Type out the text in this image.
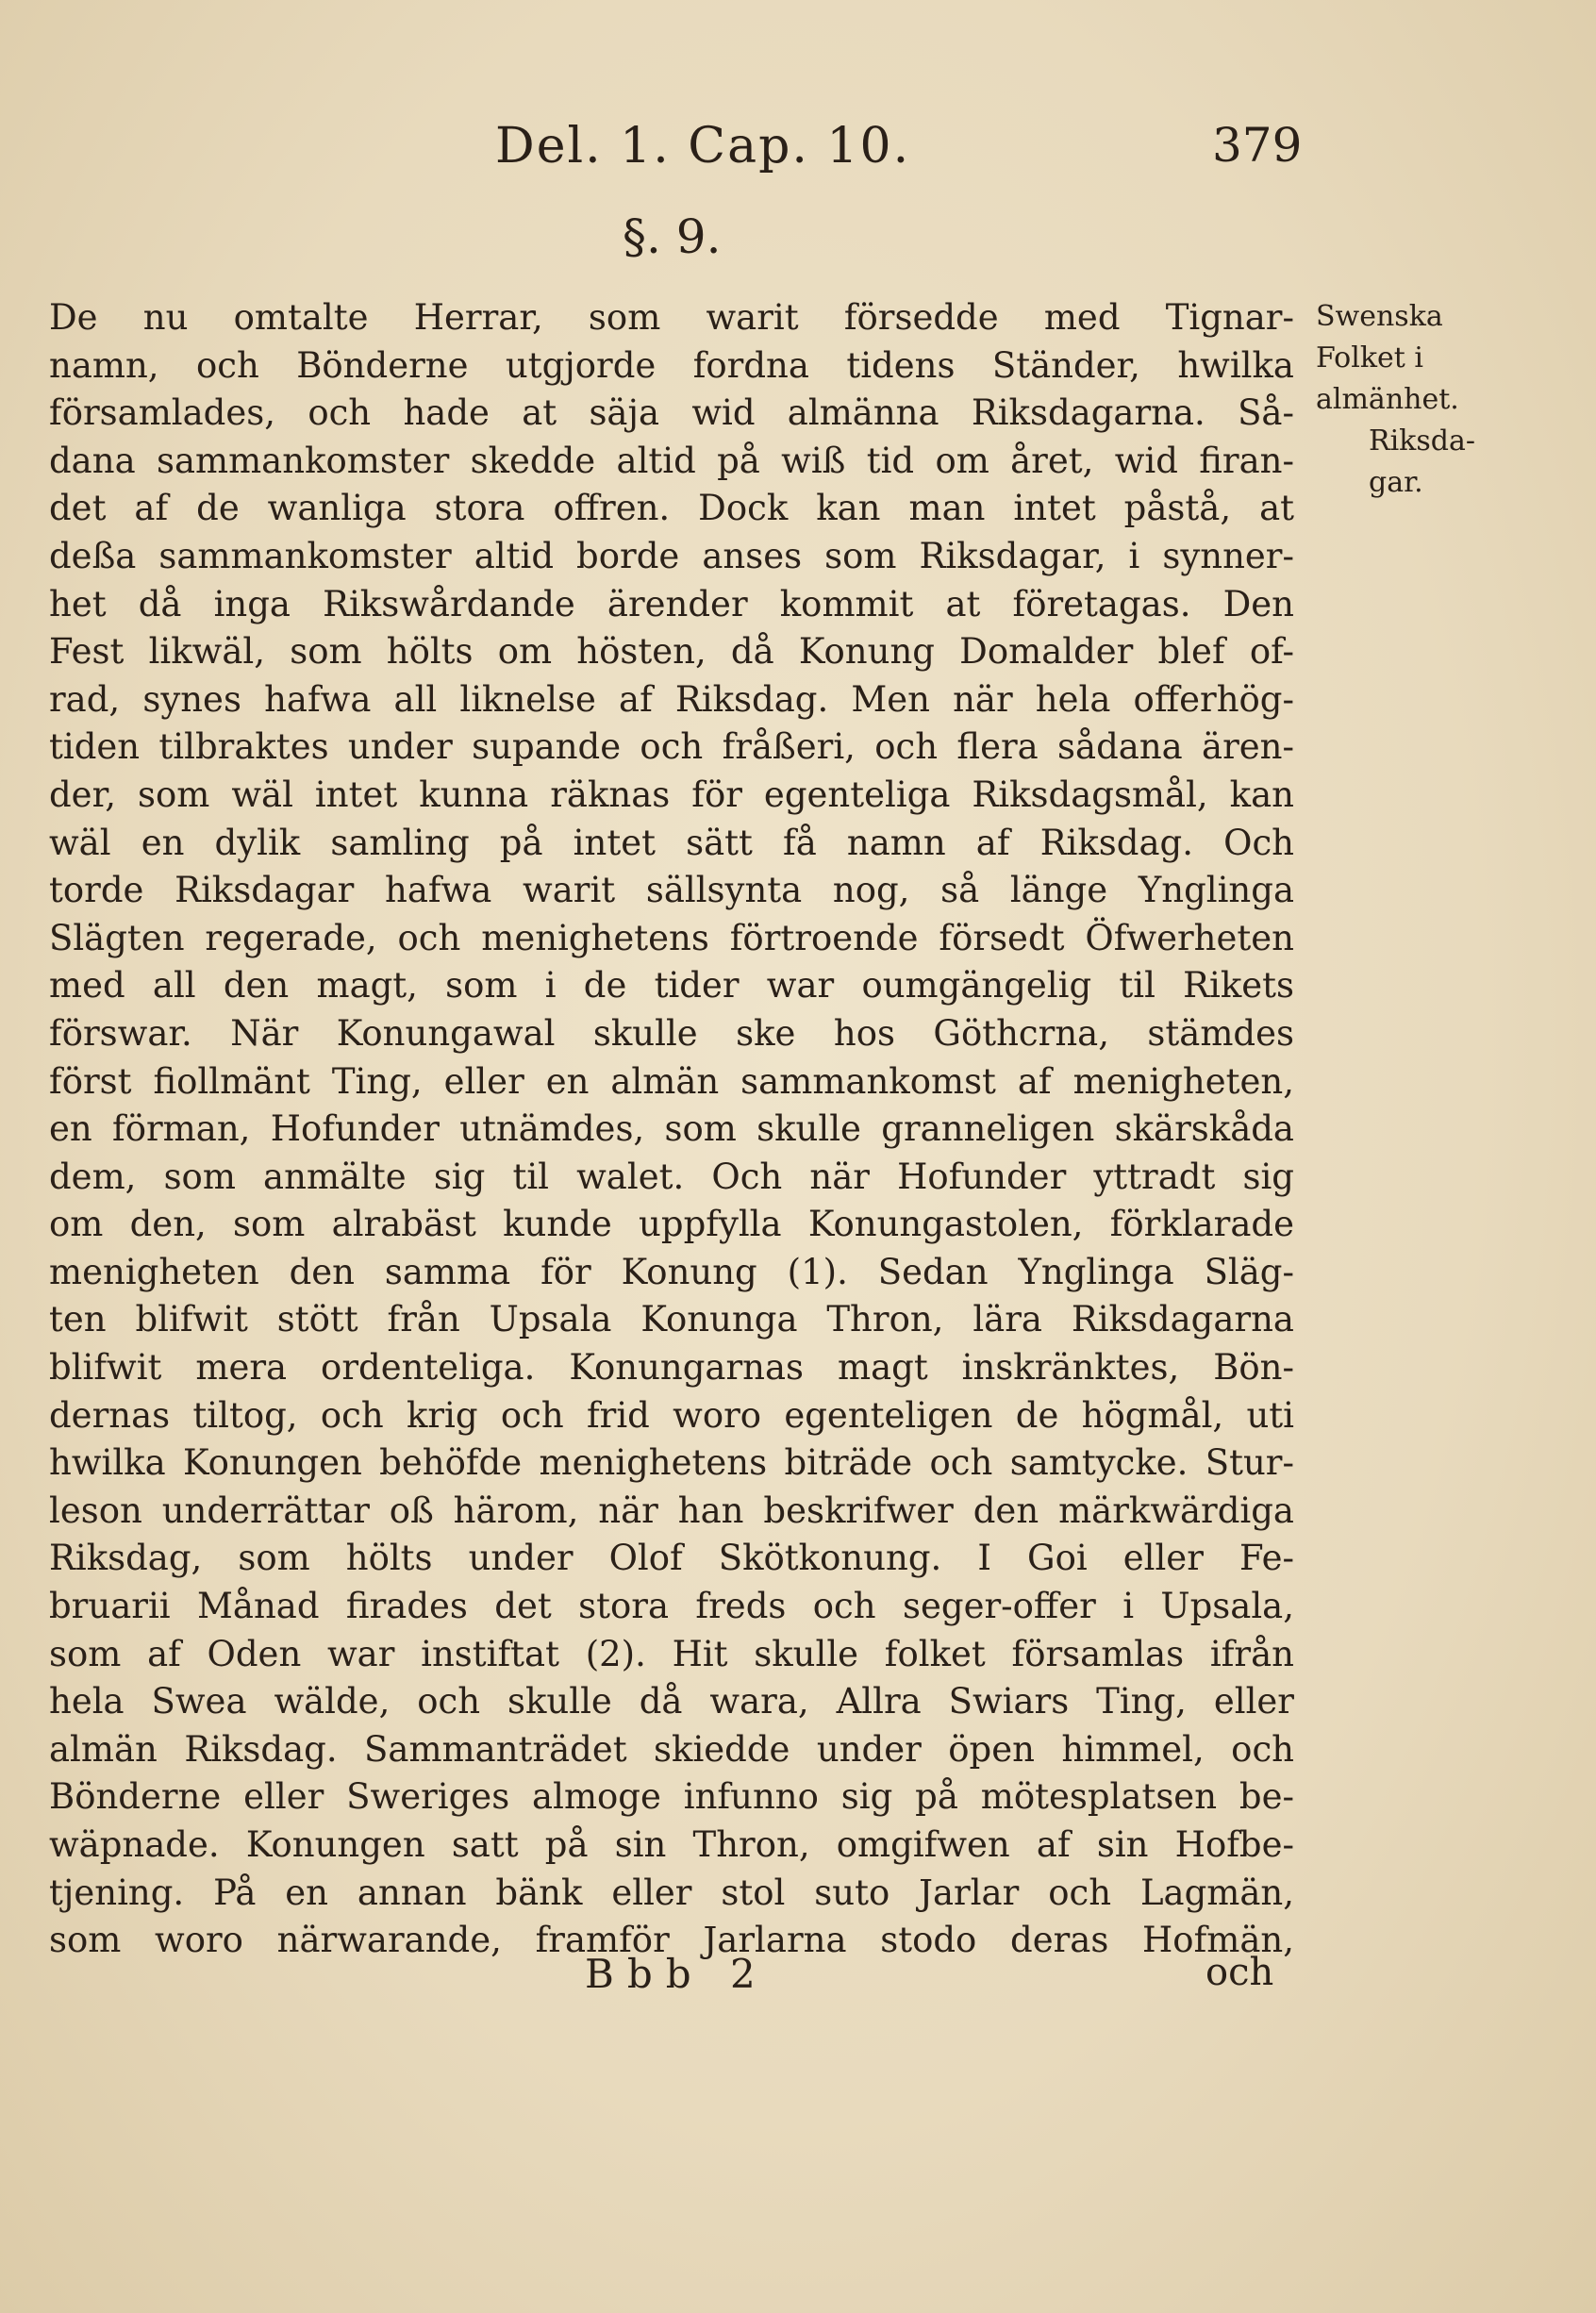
Del. 1. Cap. 10.	379
§. 9.
Swenska
Folket i
almänhet.
Riksda-
gar.
De nu omtalte Herrar, som warit försedde med Tignar-
namn, och Bönderne utgjorde fordna tidens Ständer, hwilka
församlades, och hade at säja wid almänna Riksdagarna. Så-
dana sammankomster skedde altid på wiß tid om året, wid firan-
det af de wanliga stora offren. Dock kan man intet påstå, at
deßa sammankomster altid borde anses som Riksdagar, i synner-
het då inga Rikswårdande ärender kommit at företagas. Den
Fest likwäl, som hölts om hösten, då Konung Domalder blef of-
rad, synes hafwa all liknelse af Riksdag. Men när hela offerhög-
tiden tilbraktes under supande och fråßeri, och flera sådana ären-
der, som wäl intet kunna räknas för egenteliga Riksdagsmål, kan
wäl en dylik samling på intet sätt få namn af Riksdag. Och
torde Riksdagar hafwa warit sällsynta nog, så länge Ynglinga
Slägten regerade, och menighetens förtroende försedt Öfwerheten
med all den magt, som i de tider war oumgängelig til Rikets
förswar. När Konungawal skulle ske hos Göthcrna, stämdes
först fiollmänt Ting, eller en almän sammankomst af menigheten,
en förman, Hofunder utnämdes, som skulle granneligen skärskåda
dem, som anmälte sig til walet. Och när Hofunder yttradt sig
om den, som alrabäst kunde uppfylla Konungastolen, förklarade
menigheten den samma för Konung (1). Sedan Ynglinga Släg-
ten blifwit stött från Upsala Konunga Thron, lära Riksdagarna
blifwit mera ordenteliga. Konungarnas magt inskränktes, Bön-
dernas tiltog, och krig och frid woro egenteligen de högmål, uti
hwilka Konungen behöfde menighetens biträde och samtycke. Stur-
leson underrättar oß härom, när han beskrifwer den märkwärdiga
Riksdag, som hölts under Olof Skötkonung. I Goi eller Fe-
bruarii Månad firades det stora freds och seger-offer i Upsala,
som af Oden war instiftat (2). Hit skulle folket församlas ifrån
hela Swea wälde, och skulle då wara, Allra Swiars Ting, eller
almän Riksdag. Sammanträdet skiedde under öpen himmel, och
Bönderne eller Sweriges almoge infunno sig på mötesplatsen be-
wäpnade. Konungen satt på sin Thron, omgifwen af sin Hofbe-
tjening. På en annan bänk eller stol suto Jarlar och Lagmän,
som woro närwarande, framför Jarlarna stodo deras Hofmän,
Bbb 2	och
